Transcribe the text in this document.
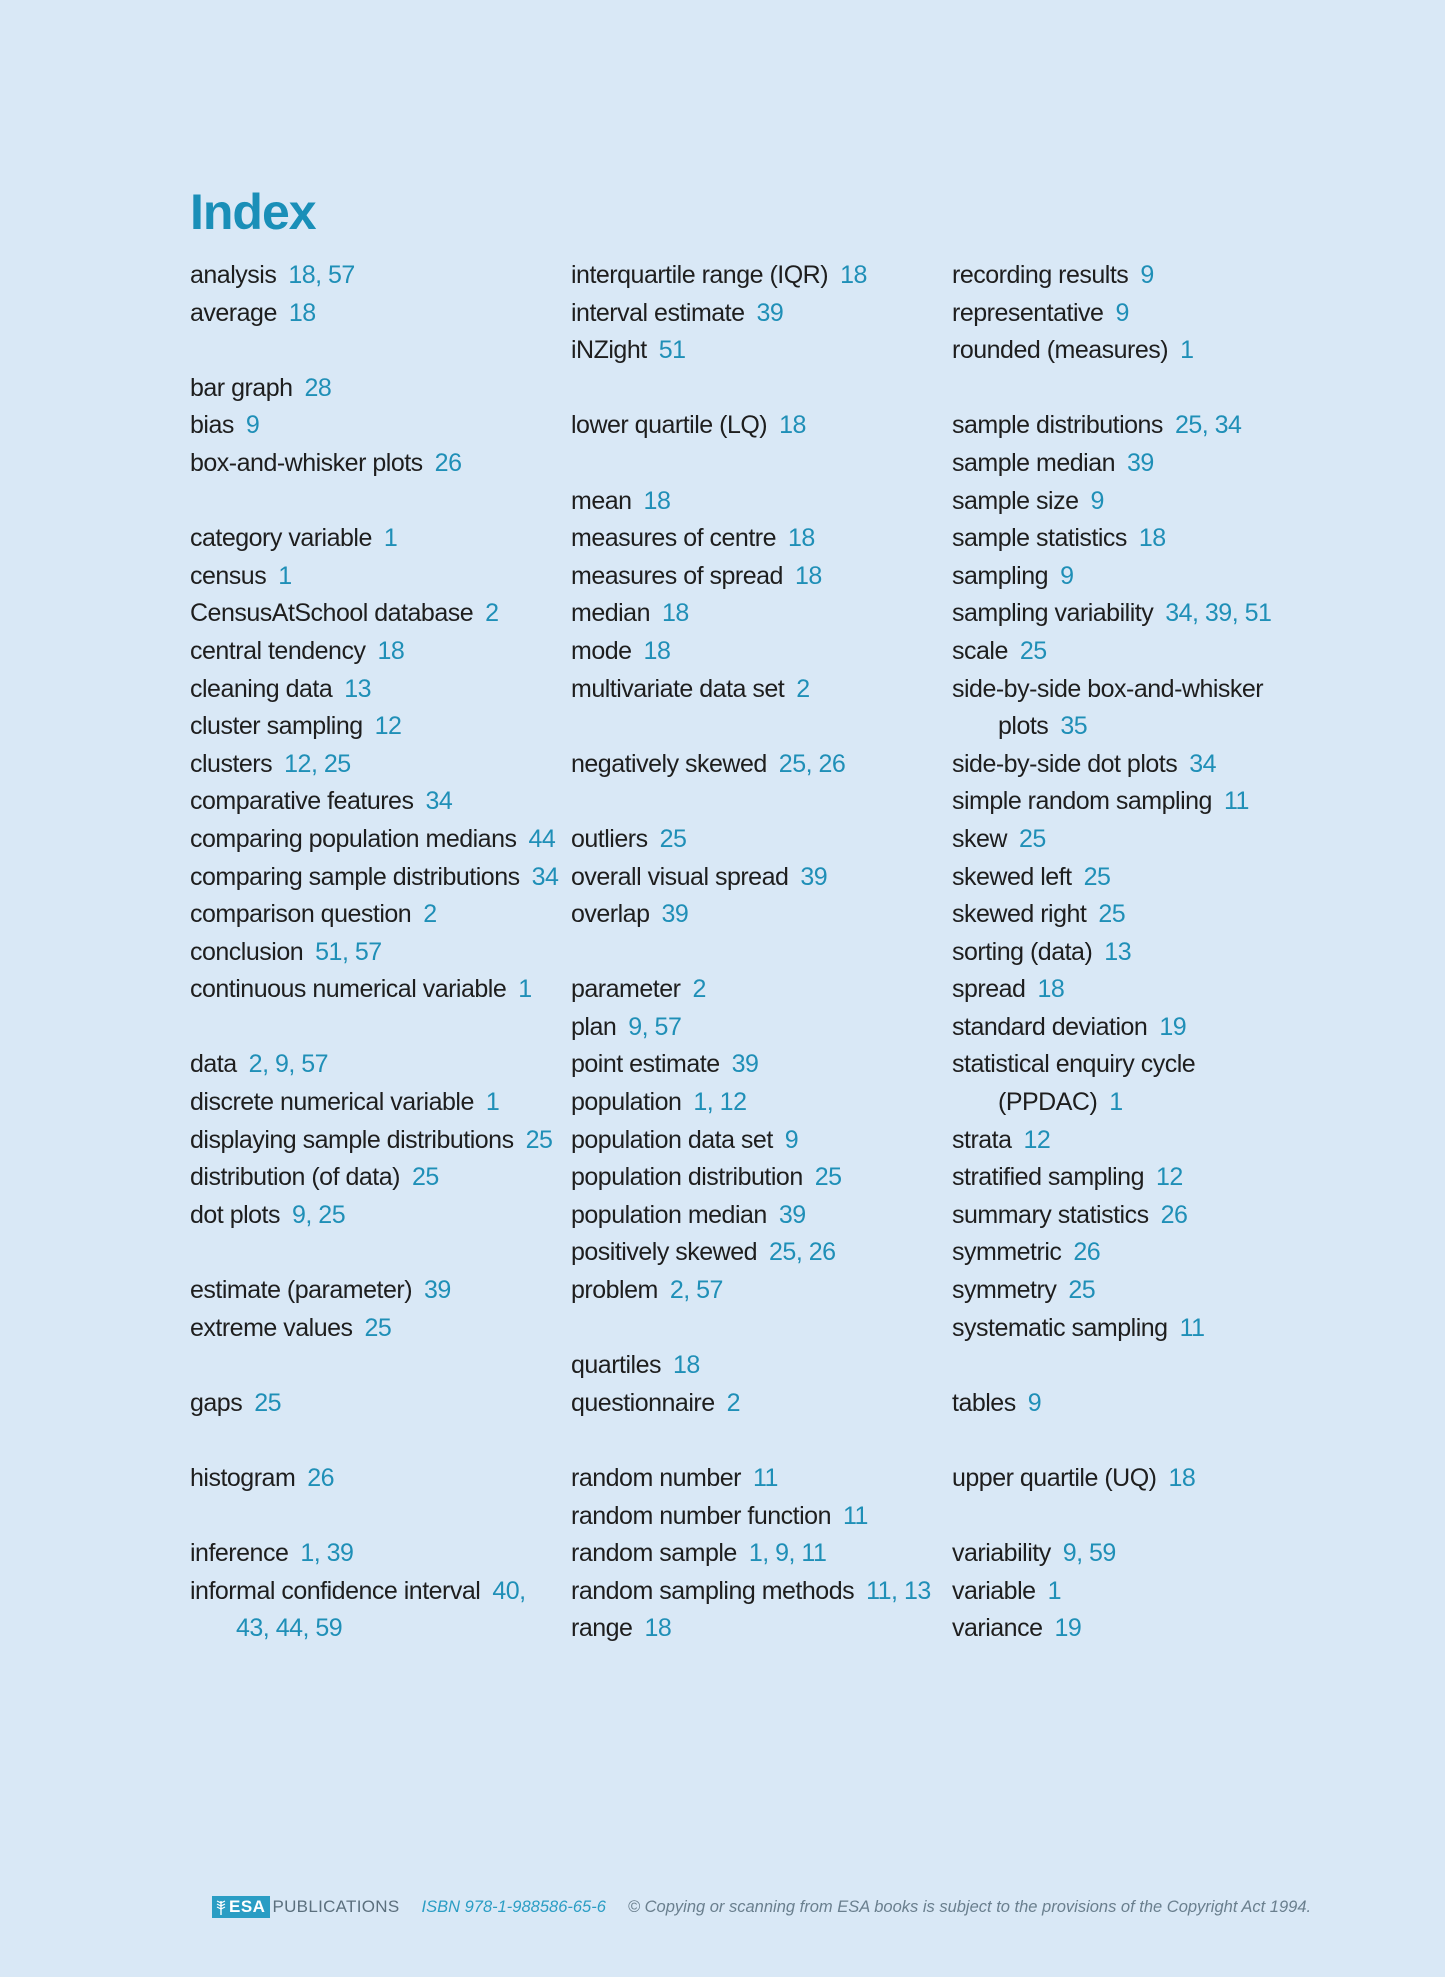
Index
analysis 18, 57
average 18
bar graph 28
bias 9
box-and-whisker plots 26
category variable 1
census 1
CensusAtSchool database 2
central tendency 18
cleaning data 13
cluster sampling 12
clusters 12, 25
comparative features 34
comparing population medians 44
comparing sample distributions 34
comparison question 2
conclusion 51, 57
continuous numerical variable 1
data 2, 9, 57
discrete numerical variable 1
displaying sample distributions 25
distribution (of data) 25
dot plots 9, 25
estimate (parameter) 39
extreme values 25
gaps 25
histogram 26
inference 1, 39
informal confidence interval 40, 43, 44, 59
interquartile range (IQR) 18
interval estimate 39
iNZight 51
lower quartile (LQ) 18
mean 18
measures of centre 18
measures of spread 18
median 18
mode 18
multivariate data set 2
negatively skewed 25, 26
outliers 25
overall visual spread 39
overlap 39
parameter 2
plan 9, 57
point estimate 39
population 1, 12
population data set 9
population distribution 25
population median 39
positively skewed 25, 26
problem 2, 57
quartiles 18
questionnaire 2
random number 11
random number function 11
random sample 1, 9, 11
random sampling methods 11, 13
range 18
recording results 9
representative 9
rounded (measures) 1
sample distributions 25, 34
sample median 39
sample size 9
sample statistics 18
sampling 9
sampling variability 34, 39, 51
scale 25
side-by-side box-and-whisker plots 35
side-by-side dot plots 34
simple random sampling 11
skew 25
skewed left 25
skewed right 25
sorting (data) 13
spread 18
standard deviation 19
statistical enquiry cycle (PPDAC) 1
strata 12
stratified sampling 12
summary statistics 26
symmetric 26
symmetry 25
systematic sampling 11
tables 9
upper quartile (UQ) 18
variability 9, 59
variable 1
variance 19
ESA PUBLICATIONS ISBN 978-1-988586-65-6 © Copying or scanning from ESA books is subject to the provisions of the Copyright Act 1994.
